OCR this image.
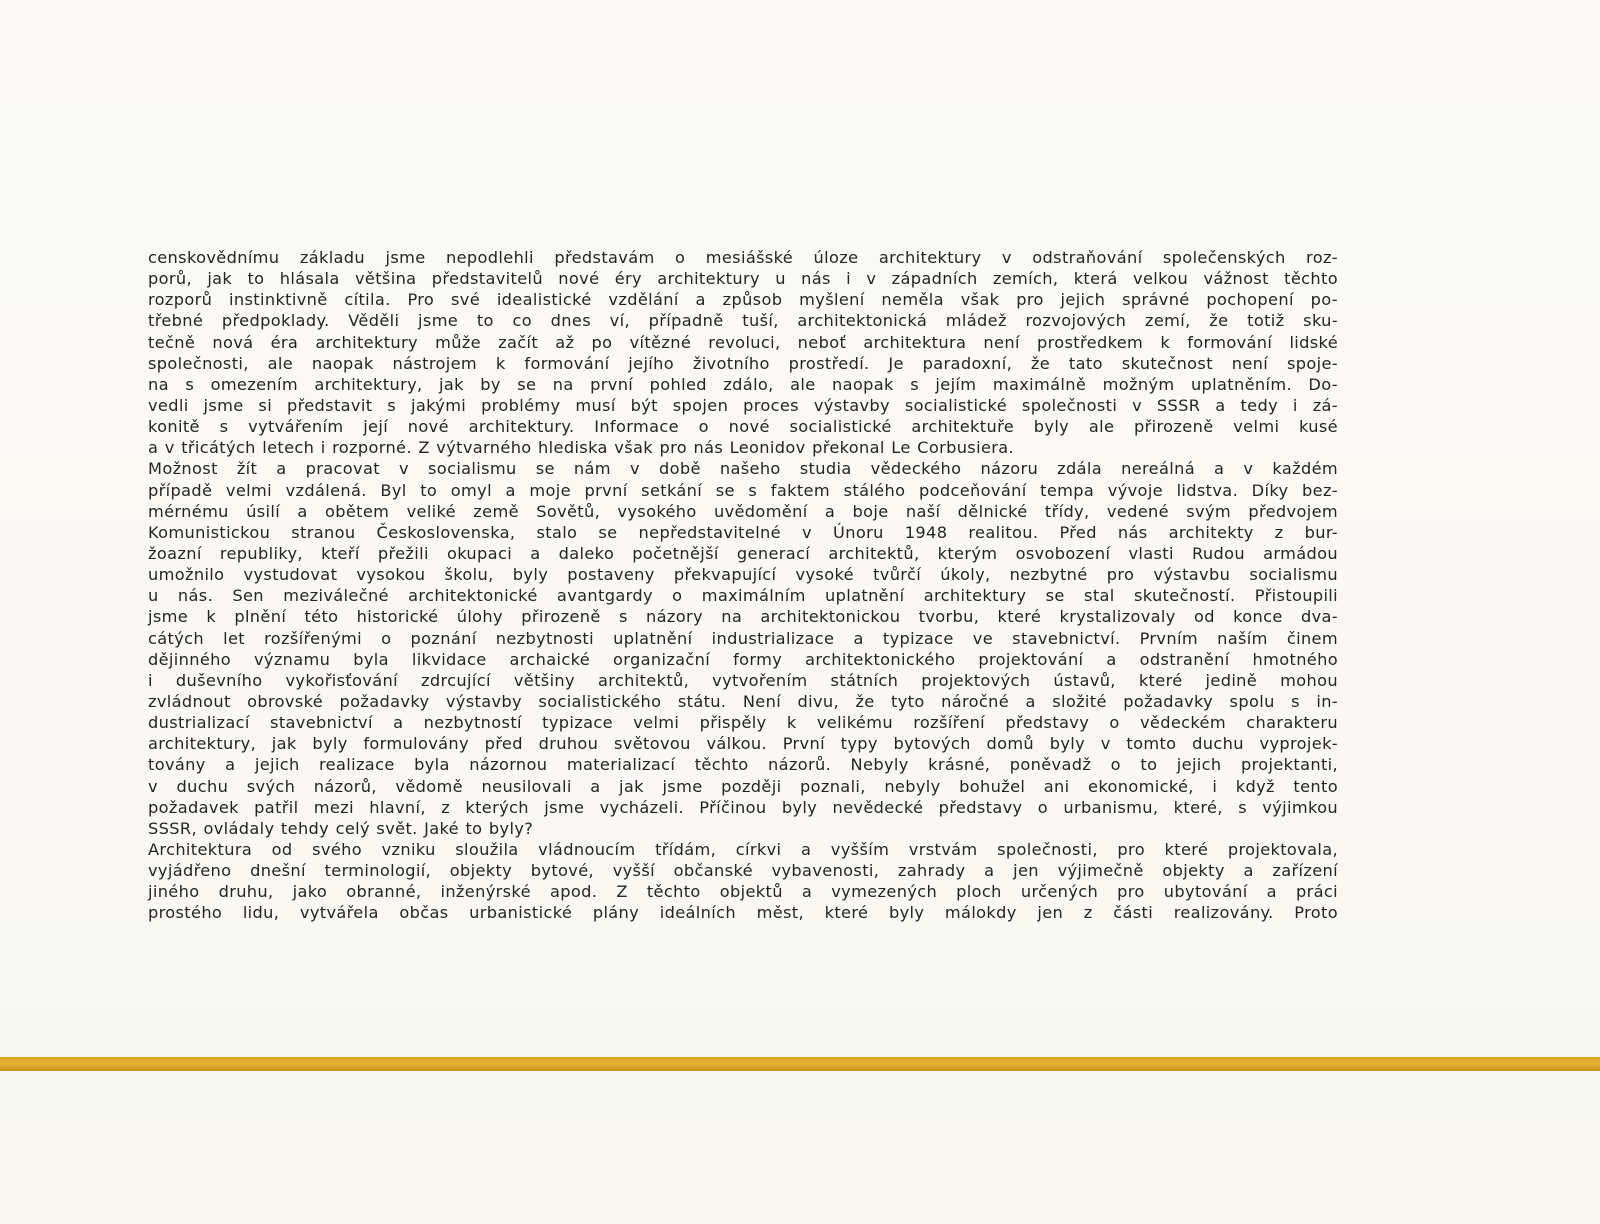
censkovědnímu základu jsme nepodlehli představám o mesiášské úloze architektury v odstraňování společenských roz-
porů, jak to hlásala většina představitelů nové éry architektury u nás i v západních zemích, která velkou vážnost těchto
rozporů instinktivně cítila. Pro své idealistické vzdělání a způsob myšlení neměla však pro jejich správné pochopení po-
třebné předpoklady. Věděli jsme to co dnes ví, případně tuší, architektonická mládež rozvojových zemí, že totiž sku-
tečně nová éra architektury může začít až po vítězné revoluci, neboť architektura není prostředkem k formování lidské
společnosti, ale naopak nástrojem k formování jejího životního prostředí. Je paradoxní, že tato skutečnost není spoje-
na s omezením architektury, jak by se na první pohled zdálo, ale naopak s jejím maximálně možným uplatněním. Do-
vedli jsme si představit s jakými problémy musí být spojen proces výstavby socialistické společnosti v SSSR a tedy i zá-
konitě s vytvářením její nové architektury. Informace o nové socialistické architektuře byly ale přirozeně velmi kusé
a v třicátých letech i rozporné. Z výtvarného hlediska však pro nás Leonidov překonal Le Corbusiera.
Možnost žít a pracovat v socialismu se nám v době našeho studia vědeckého názoru zdála nereálná a v každém
případě velmi vzdálená. Byl to omyl a moje první setkání se s faktem stálého podceňování tempa vývoje lidstva. Díky bez-
mérnému úsilí a obětem veliké země Sovětů, vysokého uvědomění a boje naší dělnické třídy, vedené svým předvojem
Komunistickou stranou Československa, stalo se nepředstavitelné v Únoru 1948 realitou. Před nás architekty z bur-
žoazní republiky, kteří přežili okupaci a daleko početnější generací architektů, kterým osvobození vlasti Rudou armádou
umožnilo vystudovat vysokou školu, byly postaveny překvapující vysoké tvůrčí úkoly, nezbytné pro výstavbu socialismu
u nás. Sen meziválečné architektonické avantgardy o maximálním uplatnění architektury se stal skutečností. Přistoupili
jsme k plnění této historické úlohy přirozeně s názory na architektonickou tvorbu, které krystalizovaly od konce dva-
cátých let rozšířenými o poznání nezbytnosti uplatnění industrializace a typizace ve stavebnictví. Prvním naším činem
dějinného významu byla likvidace archaické organizační formy architektonického projektování a odstranění hmotného
i duševního vykořisťování zdrcující většiny architektů, vytvořením státních projektových ústavů, které jedině mohou
zvládnout obrovské požadavky výstavby socialistického státu. Není divu, že tyto náročné a složité požadavky spolu s in-
dustrializací stavebnictví a nezbytností typizace velmi přispěly k velikému rozšíření představy o vědeckém charakteru
architektury, jak byly formulovány před druhou světovou válkou. První typy bytových domů byly v tomto duchu vyprojek-
továny a jejich realizace byla názornou materializací těchto názorů. Nebyly krásné, poněvadž o to jejich projektanti,
v duchu svých názorů, vědomě neusilovali a jak jsme později poznali, nebyly bohužel ani ekonomické, i když tento
požadavek patřil mezi hlavní, z kterých jsme vycházeli. Příčinou byly nevědecké představy o urbanismu, které, s výjimkou
SSSR, ovládaly tehdy celý svět. Jaké to byly?
Architektura od svého vzniku sloužila vládnoucím třídám, církvi a vyšším vrstvám společnosti, pro které projektovala,
vyjádřeno dnešní terminologií, objekty bytové, vyšší občanské vybavenosti, zahrady a jen výjimečně objekty a zařízení
jiného druhu, jako obranné, inženýrské apod. Z těchto objektů a vymezených ploch určených pro ubytování a práci
prostého lidu, vytvářela občas urbanistické plány ideálních měst, které byly málokdy jen z části realizovány. Proto
